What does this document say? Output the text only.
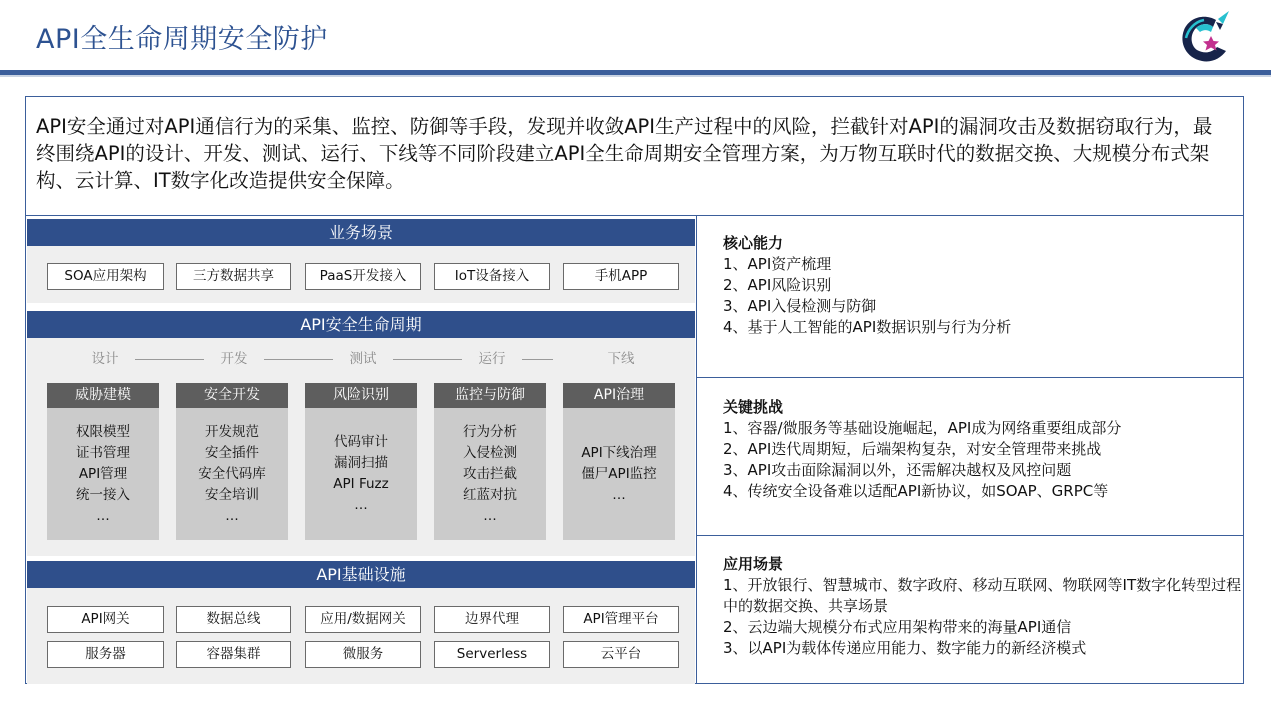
API全生命周期安全防护
API安全通过对API通信行为的采集、监控、防御等手段，发现并收敛API生产过程中的风险，拦截针对API的漏洞攻击及数据窃取行为，最终围绕API的设计、开发、测试、运行、下线等不同阶段建立API全生命周期安全管理方案，为万物互联时代的数据交换、大规模分布式架构、云计算、IT数字化改造提供安全保障。
业务场景
SOA应用架构	三方数据共享	PaaS开发接入	IoT设备接入	手机APP
API安全生命周期
设计	开发	测试	运行	下线
威胁建模
权限模型
证书管理
API管理
统一接入
…
安全开发
开发规范
安全插件
安全代码库
安全培训
…
风险识别
代码审计
漏洞扫描
API Fuzz
…
监控与防御
行为分析
入侵检测
攻击拦截
红蓝对抗
…
API治理
API下线治理
僵尸API监控
…
API基础设施
API网关	数据总线	应用/数据网关	边界代理	API管理平台
服务器	容器集群	微服务	Serverless	云平台
核心能力
1、API资产梳理
2、API风险识别
3、API入侵检测与防御
4、基于人工智能的API数据识别与行为分析
关键挑战
1、容器/微服务等基础设施崛起，API成为网络重要组成部分
2、API迭代周期短，后端架构复杂，对安全管理带来挑战
3、API攻击面除漏洞以外，还需解决越权及风控问题
4、传统安全设备难以适配API新协议，如SOAP、GRPC等
应用场景
1、开放银行、智慧城市、数字政府、移动互联网、物联网等IT数字化转型过程中的数据交换、共享场景
2、云边端大规模分布式应用架构带来的海量API通信
3、以API为载体传递应用能力、数字能力的新经济模式
